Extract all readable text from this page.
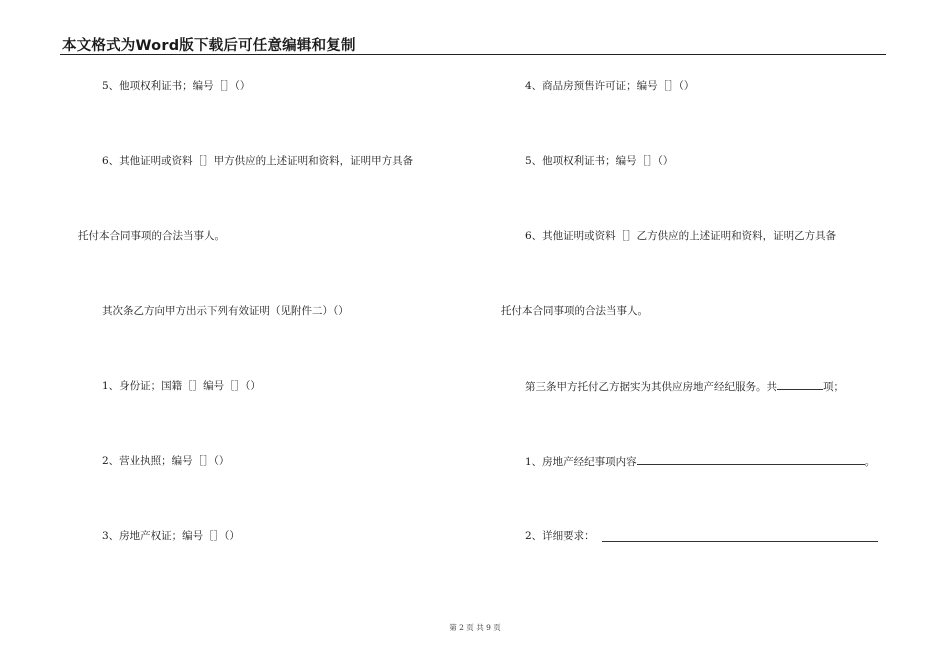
本文格式为Word版下载后可任意编辑和复制
5、他项权利证书；编号［］（）
6、其他证明或资料［］甲方供应的上述证明和资料，证明甲方具备
托付本合同事项的合法当事人。
其次条乙方向甲方出示下列有效证明（见附件二）（）
1、身份证；国籍［］编号［］（）
2、营业执照；编号［］（）
3、房地产权证；编号［］（）
4、商品房预售许可证；编号［］（）
5、他项权利证书；编号［］（）
6、其他证明或资料［］乙方供应的上述证明和资料，证明乙方具备
托付本合同事项的合法当事人。
第三条甲方托付乙方据实为其供应房地产经纪服务。共	项；
1、房地产经纪事项内容	。
2、详细要求：
第 2 页 共 9 页
